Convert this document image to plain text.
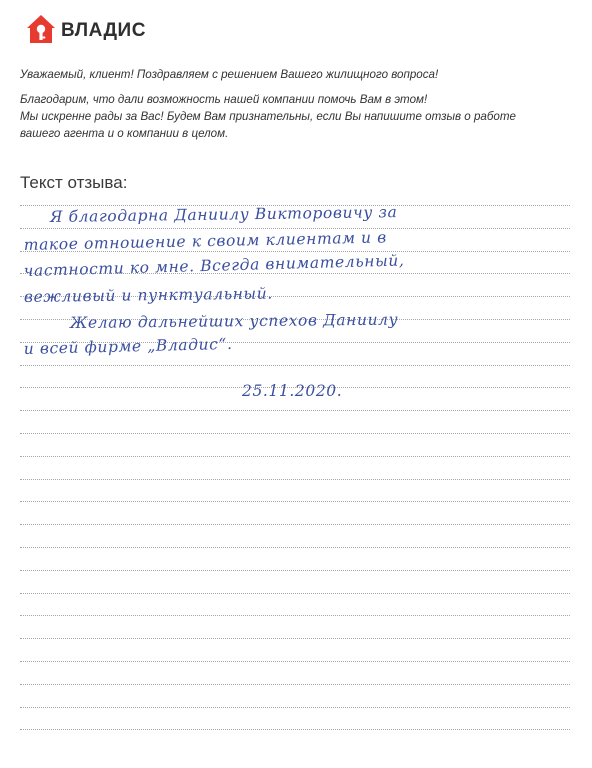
ВЛАДИС

Уважаемый, клиент! Поздравляем с решением Вашего жилищного вопроса!

Благодарим, что дали возможность нашей компании помочь Вам в этом!

Мы искренне рады за Вас! Будем Вам признательны, если Вы напишите отзыв о работе

вашего агента и о компании в целом.

Текст отзыва:
Я благодарна Даниилу Викторовичу за
такое отношение к своим клиентам и в
частности ко мне. Всегда внимательный,
вежливый и пунктуальный.
Желаю дальнейших успехов Даниилу
и всей фирме „Владис“.
25.11.2020.
